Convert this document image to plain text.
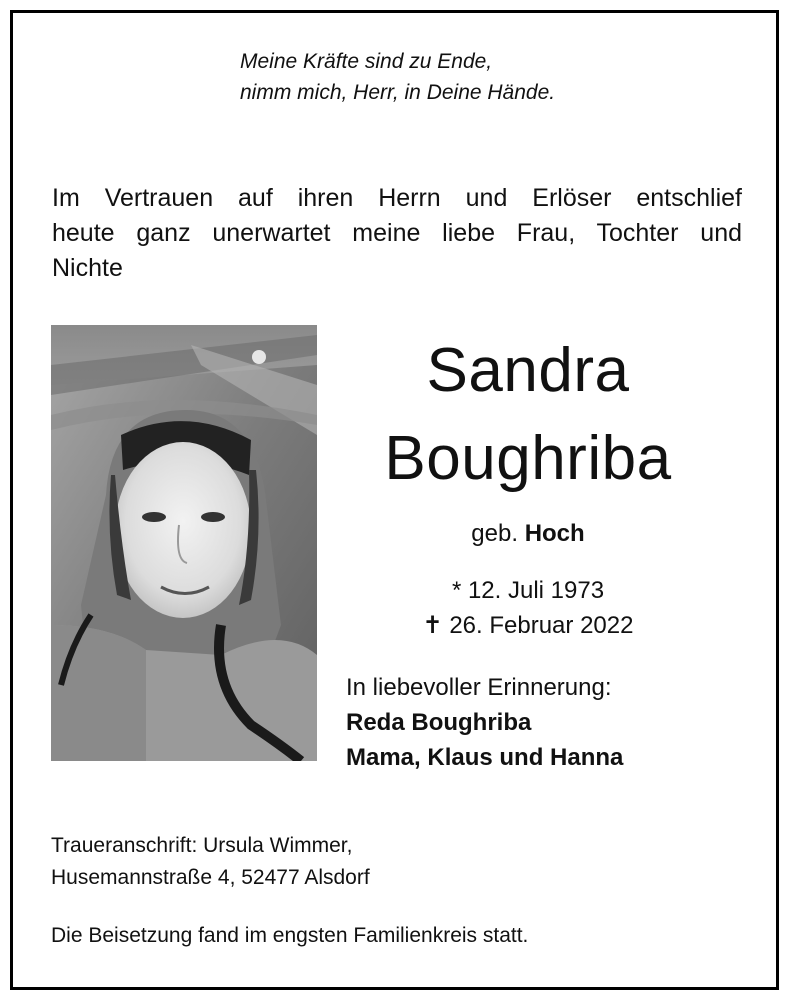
Meine Kräfte sind zu Ende,
nimm mich, Herr, in Deine Hände.
Im Vertrauen auf ihren Herrn und Erlöser entschlief
heute ganz unerwartet meine liebe Frau, Tochter und
Nichte
Sandra
Boughriba
geb. Hoch
* 12. Juli 1973
✝ 26. Februar 2022
In liebevoller Erinnerung:
Reda Boughriba
Mama, Klaus und Hanna
Traueranschrift: Ursula Wimmer,
Husemannstraße 4, 52477 Alsdorf
Die Beisetzung fand im engsten Familienkreis statt.
